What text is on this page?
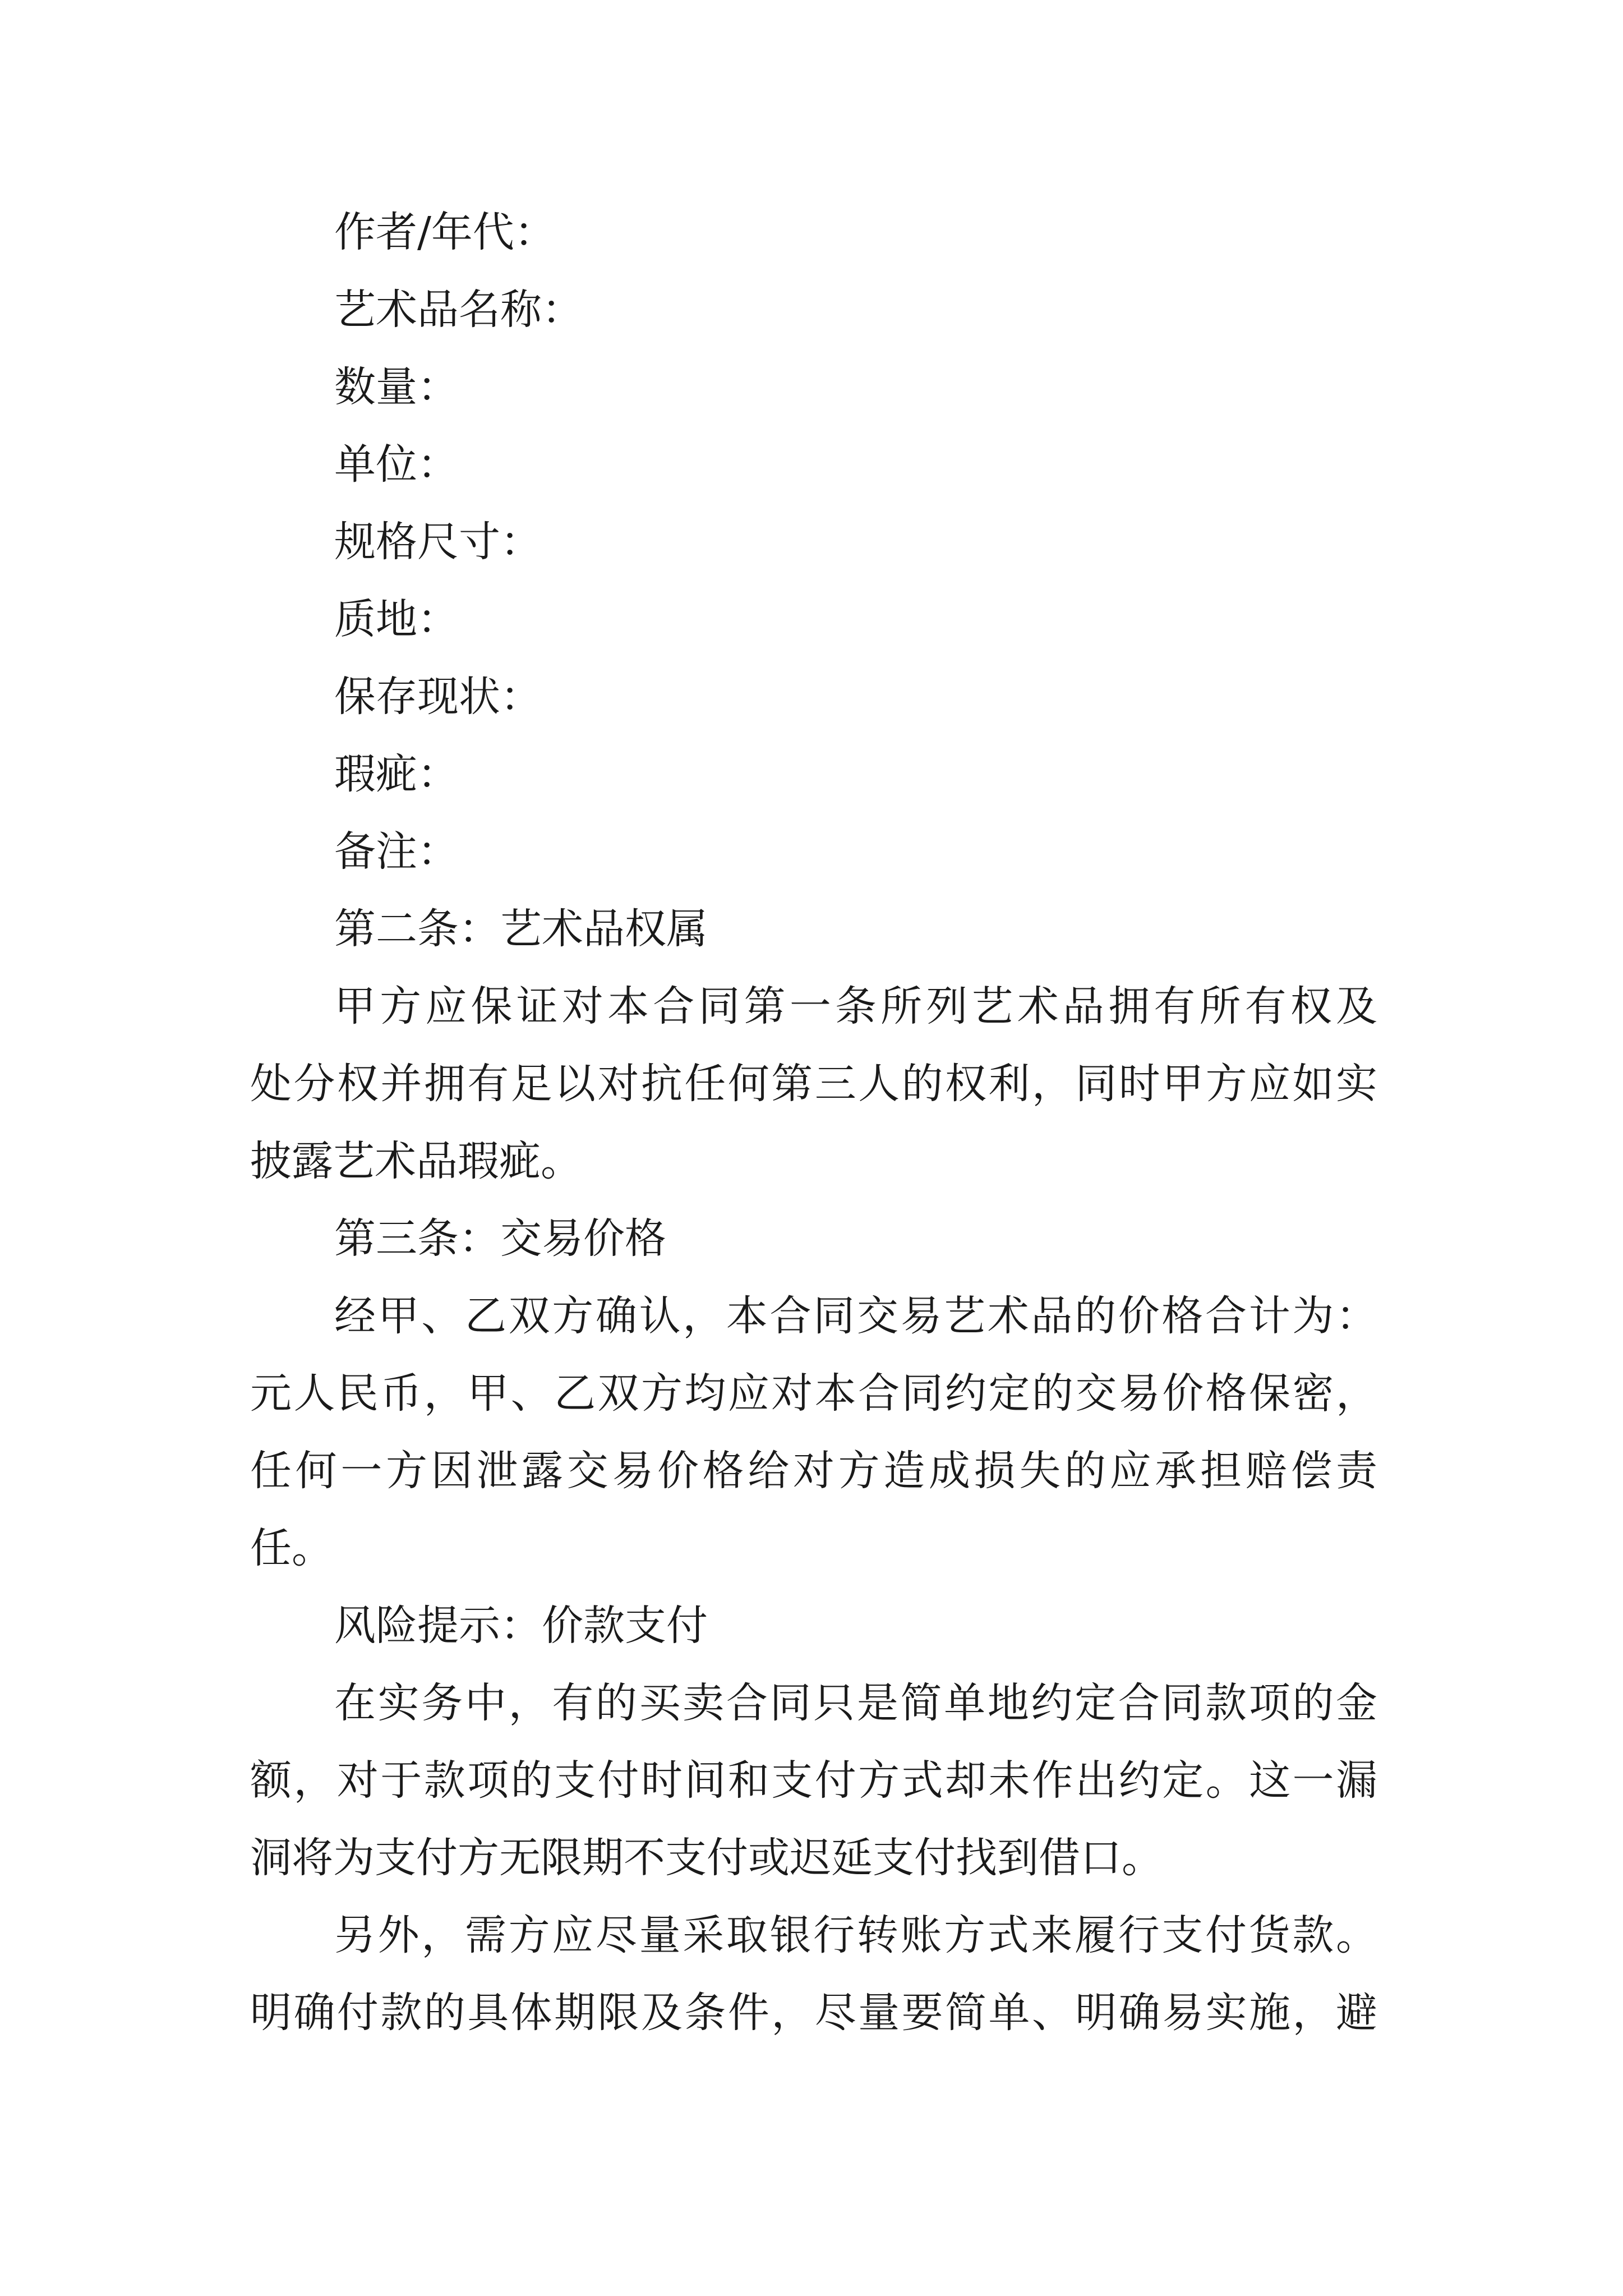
作者/年代：
艺术品名称：
数量：
单位：
规格尺寸：
质地：
保存现状：
瑕疵：
备注：
第二条：艺术品权属
甲方应保证对本合同第一条所列艺术品拥有所有权及
处分权并拥有足以对抗任何第三人的权利，同时甲方应如实
披露艺术品瑕疵。
第三条：交易价格
经甲、乙双方确认，本合同交易艺术品的价格合计为：
元人民币，甲、乙双方均应对本合同约定的交易价格保密，
任何一方因泄露交易价格给对方造成损失的应承担赔偿责
任。
风险提示：价款支付
在实务中，有的买卖合同只是简单地约定合同款项的金
额，对于款项的支付时间和支付方式却未作出约定。这一漏
洞将为支付方无限期不支付或迟延支付找到借口。
另外，需方应尽量采取银行转账方式来履行支付货款。
明确付款的具体期限及条件，尽量要简单、明确易实施，避
